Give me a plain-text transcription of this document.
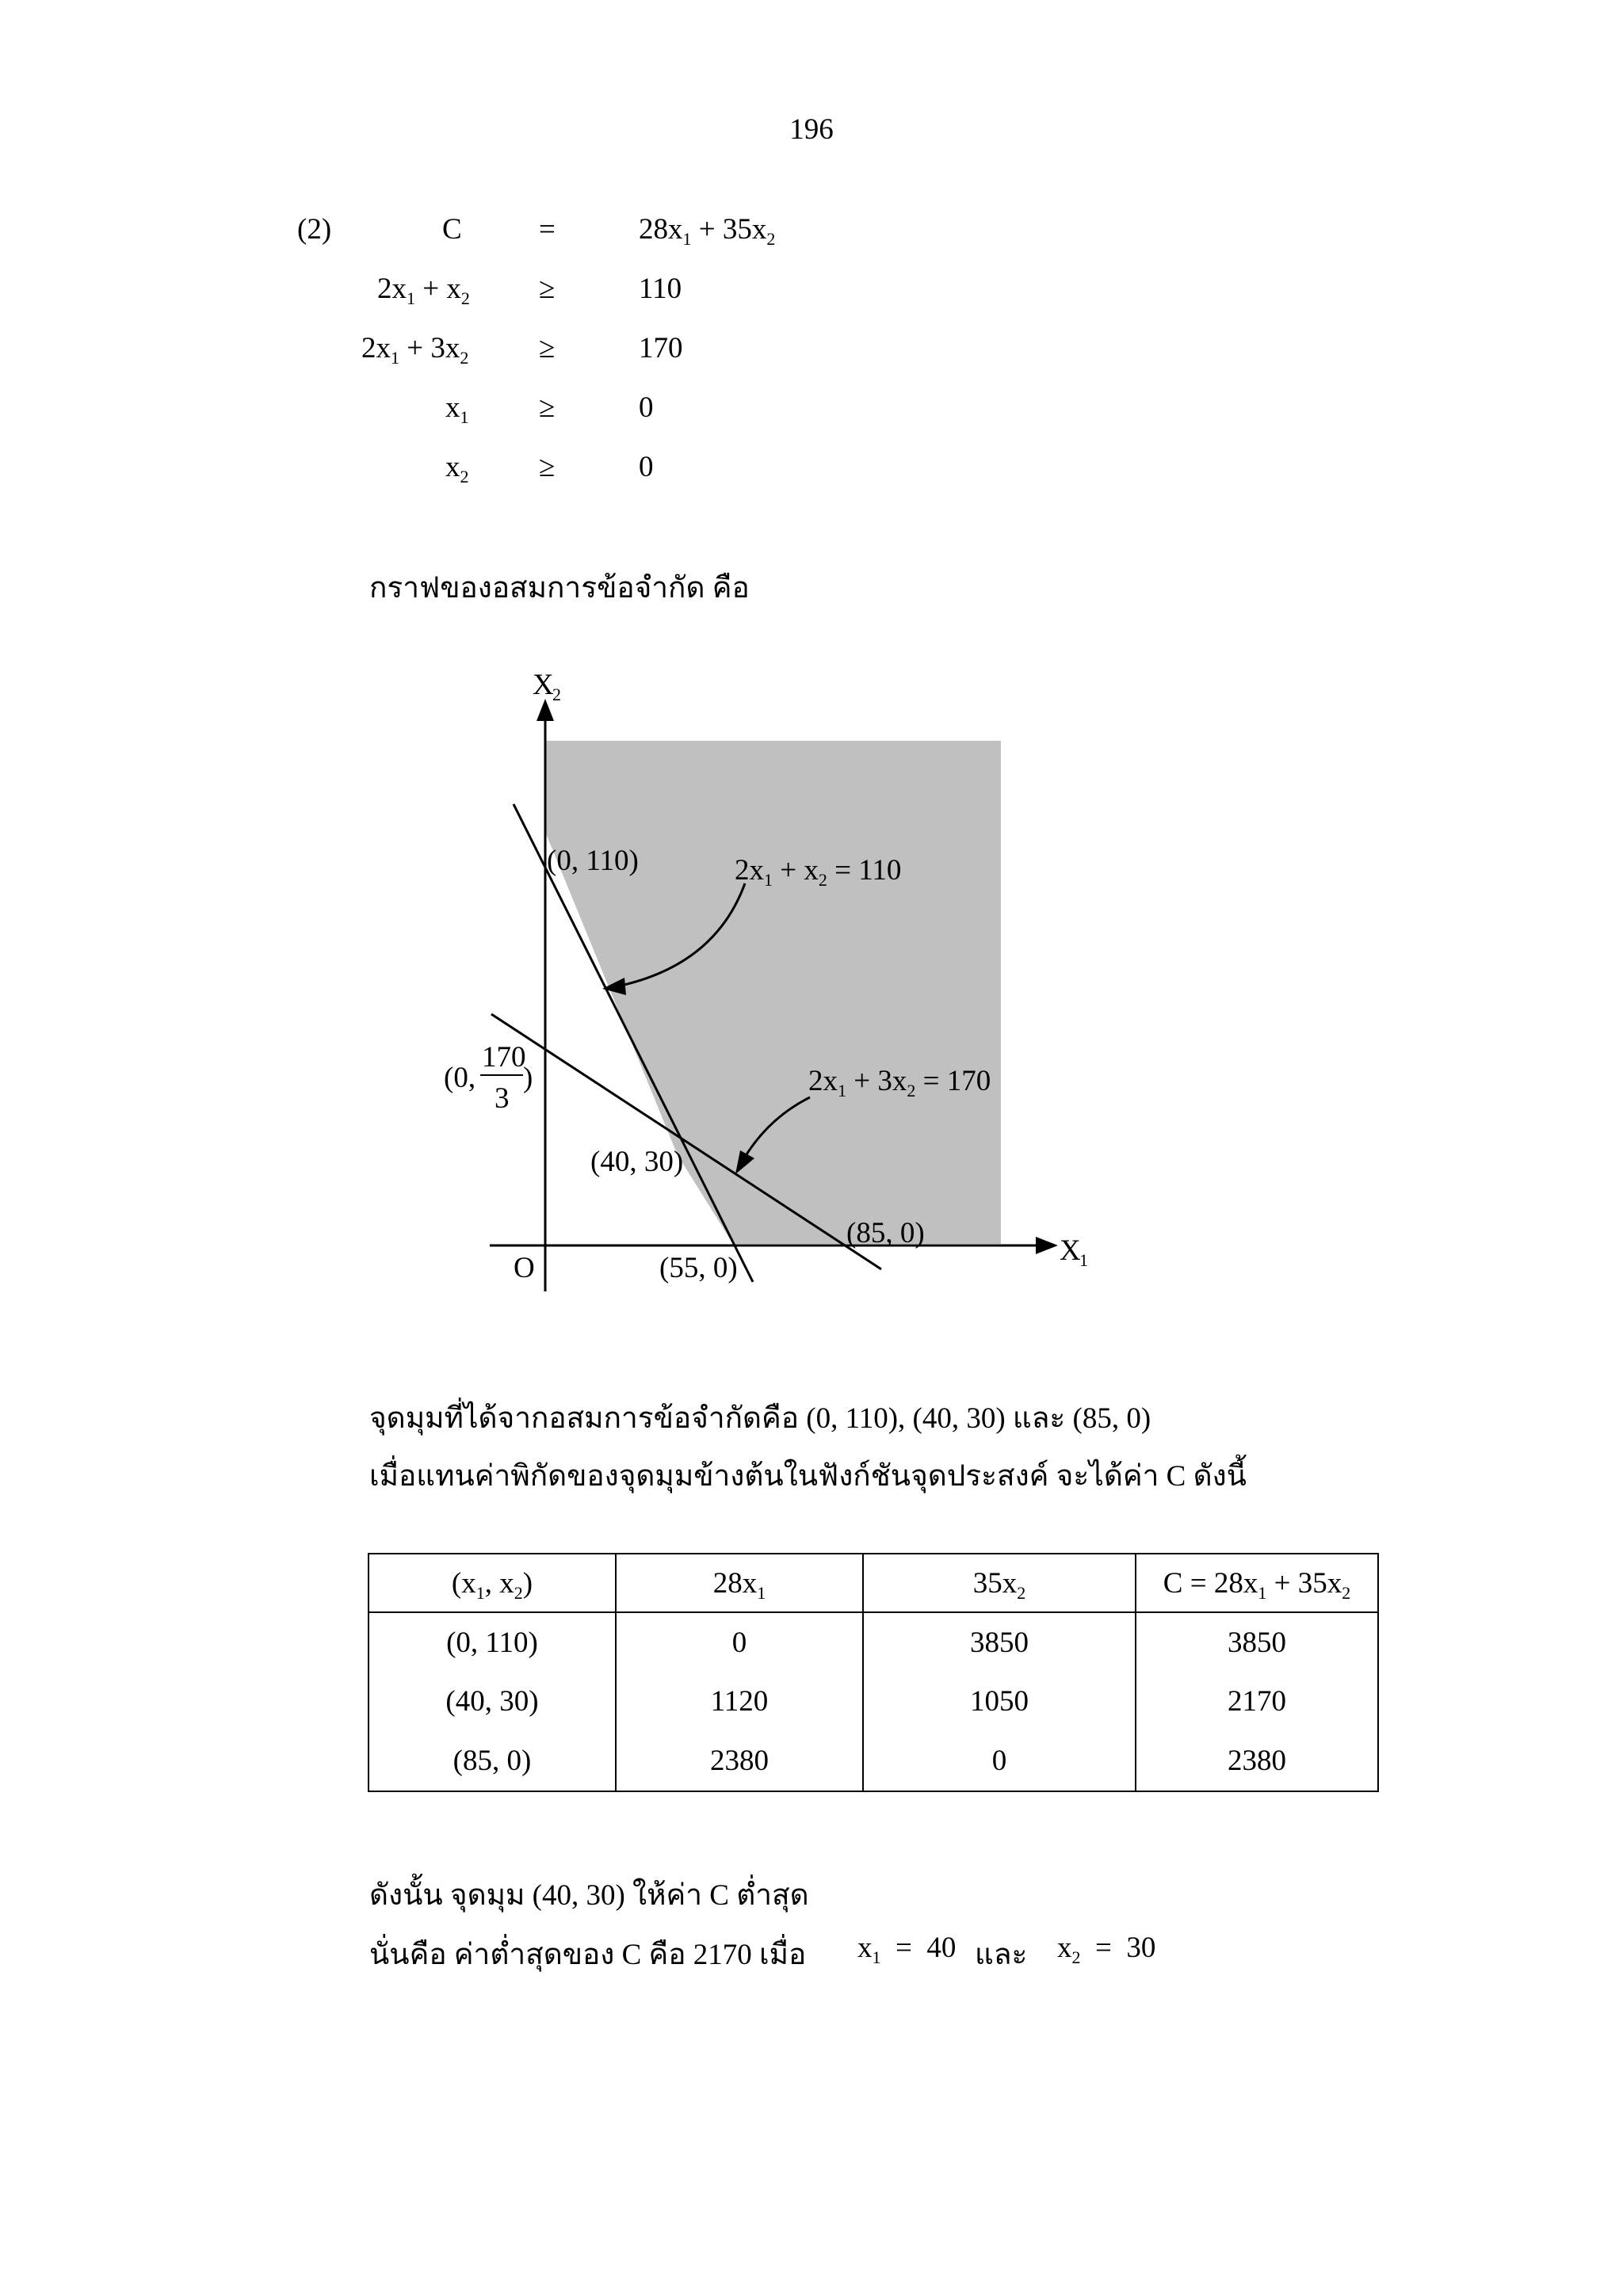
196
(2)	C	=	$28x_1 + 35x_2$
$2x_1 + x_2$ ≥	110
$2x_1 + 3x_2$ ≥	170
$x_1$ ≥	0
$x_2$ ≥	0
กราฟของอสมการข้อจำกัด คือ
X
2
X
1
O
(0, 110)
(40, 30)
(85, 0)
(55, 0)
(0,
170
3
)
$2x_1 + x_2 = 110$
$2x_1 + 3x_2 = 170$
จุดมุมที่ได้จากอสมการข้อจำกัดคือ (0, 110), (40, 30) และ (85, 0)
เมื่อแทนค่าพิกัดของจุดมุมข้างต้นในฟังก์ชันจุดประสงค์ จะได้ค่า C ดังนี้
($x_1$, $x_2$)	$28x_1$	$35x_2$	$C = 28x_1 + 35x_2$
(0, 110)	0	3850	3850
(40, 30)	1120	1050	2170
(85, 0)	2380	0	2380
ดังนั้น จุดมุม (40, 30) ให้ค่า C ต่ำสุด
นั่นคือ ค่าต่ำสุดของ C คือ 2170 เมื่อ $x_1 = 40$ และ $x_2 = 30$
